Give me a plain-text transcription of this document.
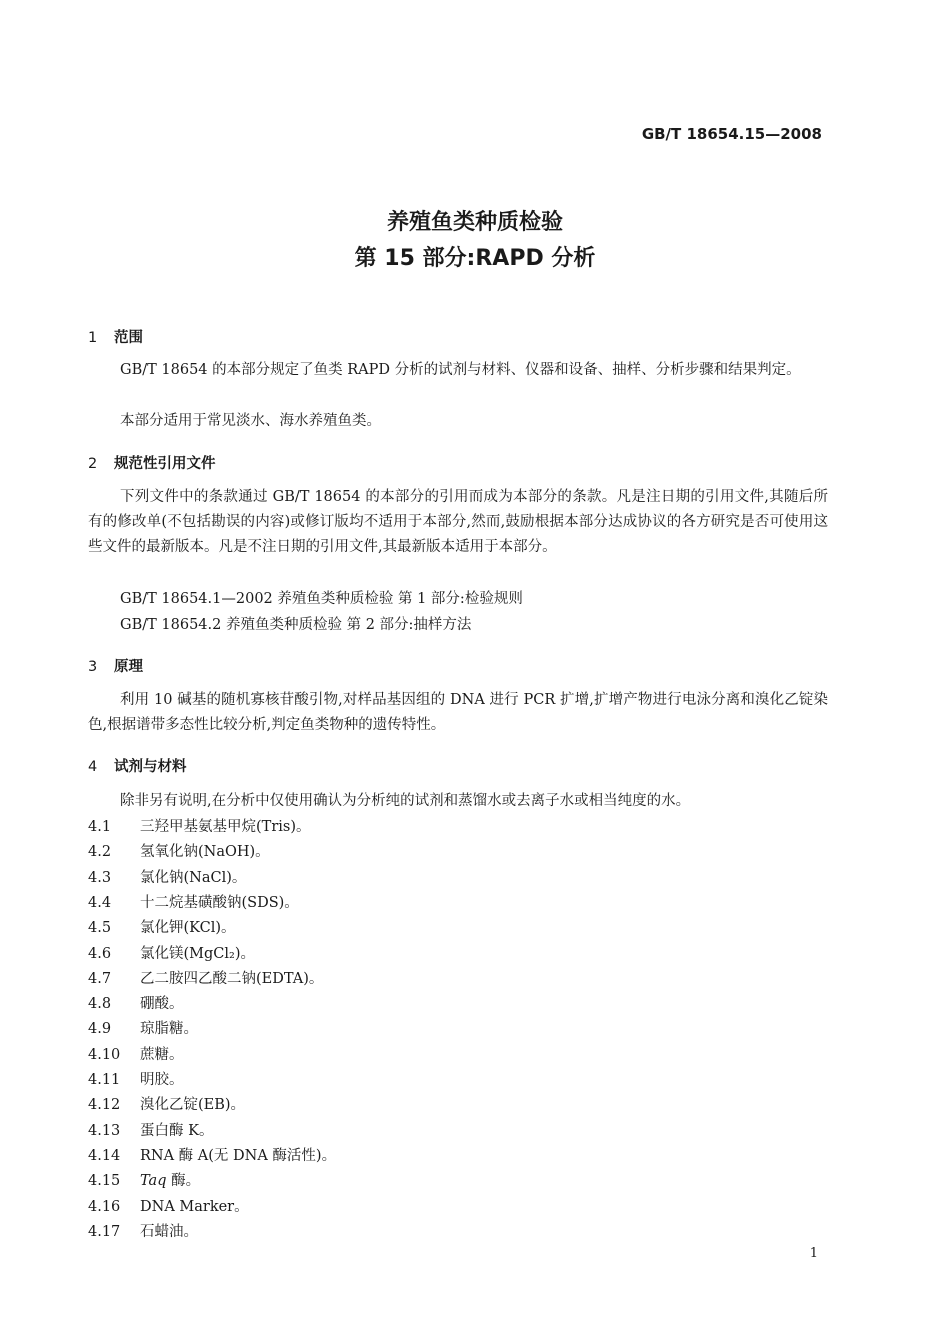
GB/T 18654.15—2008
养殖鱼类种质检验
第 15 部分:RAPD 分析
1 范围
GB/T 18654 的本部分规定了鱼类 RAPD 分析的试剂与材料、仪器和设备、抽样、分析步骤和结果判定。
本部分适用于常见淡水、海水养殖鱼类。
2 规范性引用文件
下列文件中的条款通过 GB/T 18654 的本部分的引用而成为本部分的条款。凡是注日期的引用文件,其随后所有的修改单(不包括勘误的内容)或修订版均不适用于本部分,然而,鼓励根据本部分达成协议的各方研究是否可使用这些文件的最新版本。凡是不注日期的引用文件,其最新版本适用于本部分。
GB/T 18654.1—2002 养殖鱼类种质检验 第 1 部分:检验规则
GB/T 18654.2 养殖鱼类种质检验 第 2 部分:抽样方法
3 原理
利用 10 碱基的随机寡核苷酸引物,对样品基因组的 DNA 进行 PCR 扩增,扩增产物进行电泳分离和溴化乙锭染色,根据谱带多态性比较分析,判定鱼类物种的遗传特性。
4 试剂与材料
除非另有说明,在分析中仅使用确认为分析纯的试剂和蒸馏水或去离子水或相当纯度的水。
4.1 三羟甲基氨基甲烷(Tris)。
4.2 氢氧化钠(NaOH)。
4.3 氯化钠(NaCl)。
4.4 十二烷基磺酸钠(SDS)。
4.5 氯化钾(KCl)。
4.6 氯化镁(MgCl₂)。
4.7 乙二胺四乙酸二钠(EDTA)。
4.8 硼酸。
4.9 琼脂糖。
4.10 蔗糖。
4.11 明胶。
4.12 溴化乙锭(EB)。
4.13 蛋白酶 K。
4.14 RNA 酶 A(无 DNA 酶活性)。
4.15 Taq 酶。
4.16 DNA Marker。
4.17 石蜡油。
1
